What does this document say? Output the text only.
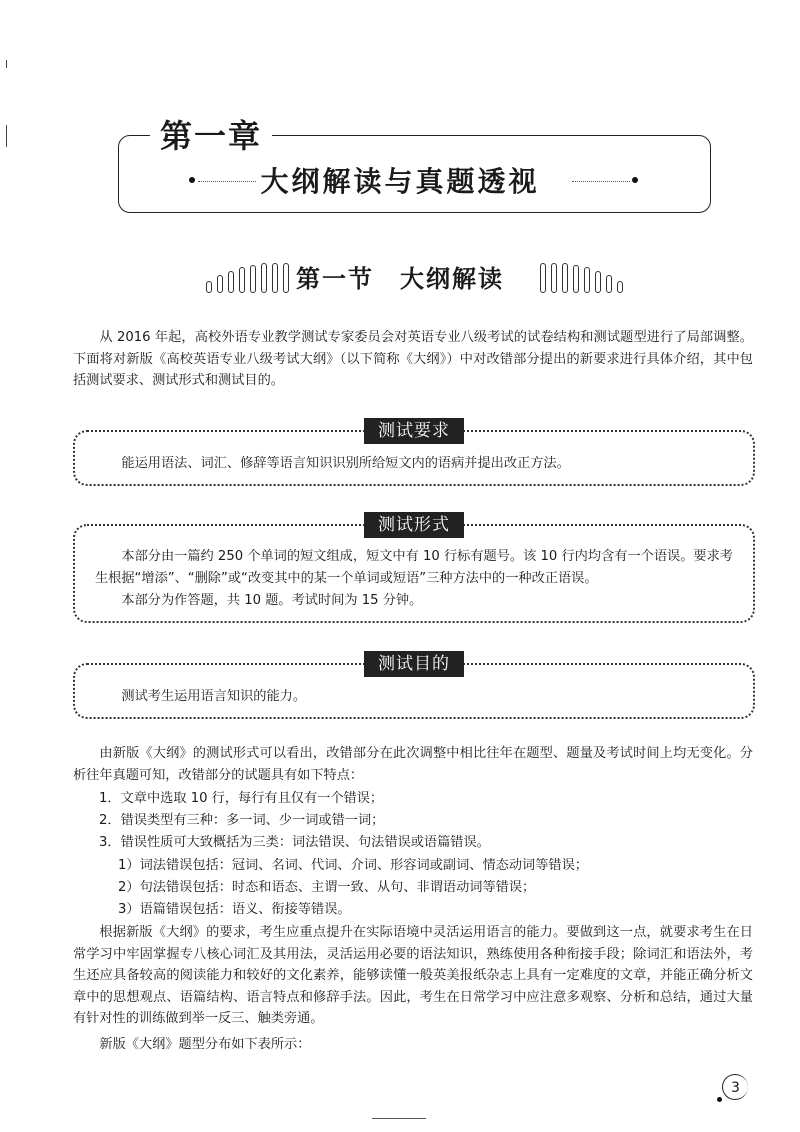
第一章
大纲解读与真题透视
第一节　大纲解读
从 2016 年起，高校外语专业教学测试专家委员会对英语专业八级考试的试卷结构和测试题型进行了局部调整。下面将对新版《高校英语专业八级考试大纲》（以下简称《大纲》）中对改错部分提出的新要求进行具体介绍，其中包括测试要求、测试形式和测试目的。
测试要求
能运用语法、词汇、修辞等语言知识识别所给短文内的语病并提出改正方法。
测试形式
本部分由一篇约 250 个单词的短文组成，短文中有 10 行标有题号。该 10 行内均含有一个语误。要求考生根据“增添”、“删除”或“改变其中的某一个单词或短语”三种方法中的一种改正语误。
本部分为作答题，共 10 题。考试时间为 15 分钟。
测试目的
测试考生运用语言知识的能力。
由新版《大纲》的测试形式可以看出，改错部分在此次调整中相比往年在题型、题量及考试时间上均无变化。分析往年真题可知，改错部分的试题具有如下特点：
1．文章中选取 10 行，每行有且仅有一个错误；
2．错误类型有三种：多一词、少一词或错一词；
3．错误性质可大致概括为三类：词法错误、句法错误或语篇错误。
1）词法错误包括：冠词、名词、代词、介词、形容词或副词、情态动词等错误；
2）句法错误包括：时态和语态、主谓一致、从句、非谓语动词等错误；
3）语篇错误包括：语义、衔接等错误。
根据新版《大纲》的要求，考生应重点提升在实际语境中灵活运用语言的能力。要做到这一点，就要求考生在日常学习中牢固掌握专八核心词汇及其用法，灵活运用必要的语法知识，熟练使用各种衔接手段；除词汇和语法外，考生还应具备较高的阅读能力和较好的文化素养，能够读懂一般英美报纸杂志上具有一定难度的文章，并能正确分析文章中的思想观点、语篇结构、语言特点和修辞手法。因此，考生在日常学习中应注意多观察、分析和总结，通过大量有针对性的训练做到举一反三、触类旁通。
新版《大纲》题型分布如下表所示：
3
